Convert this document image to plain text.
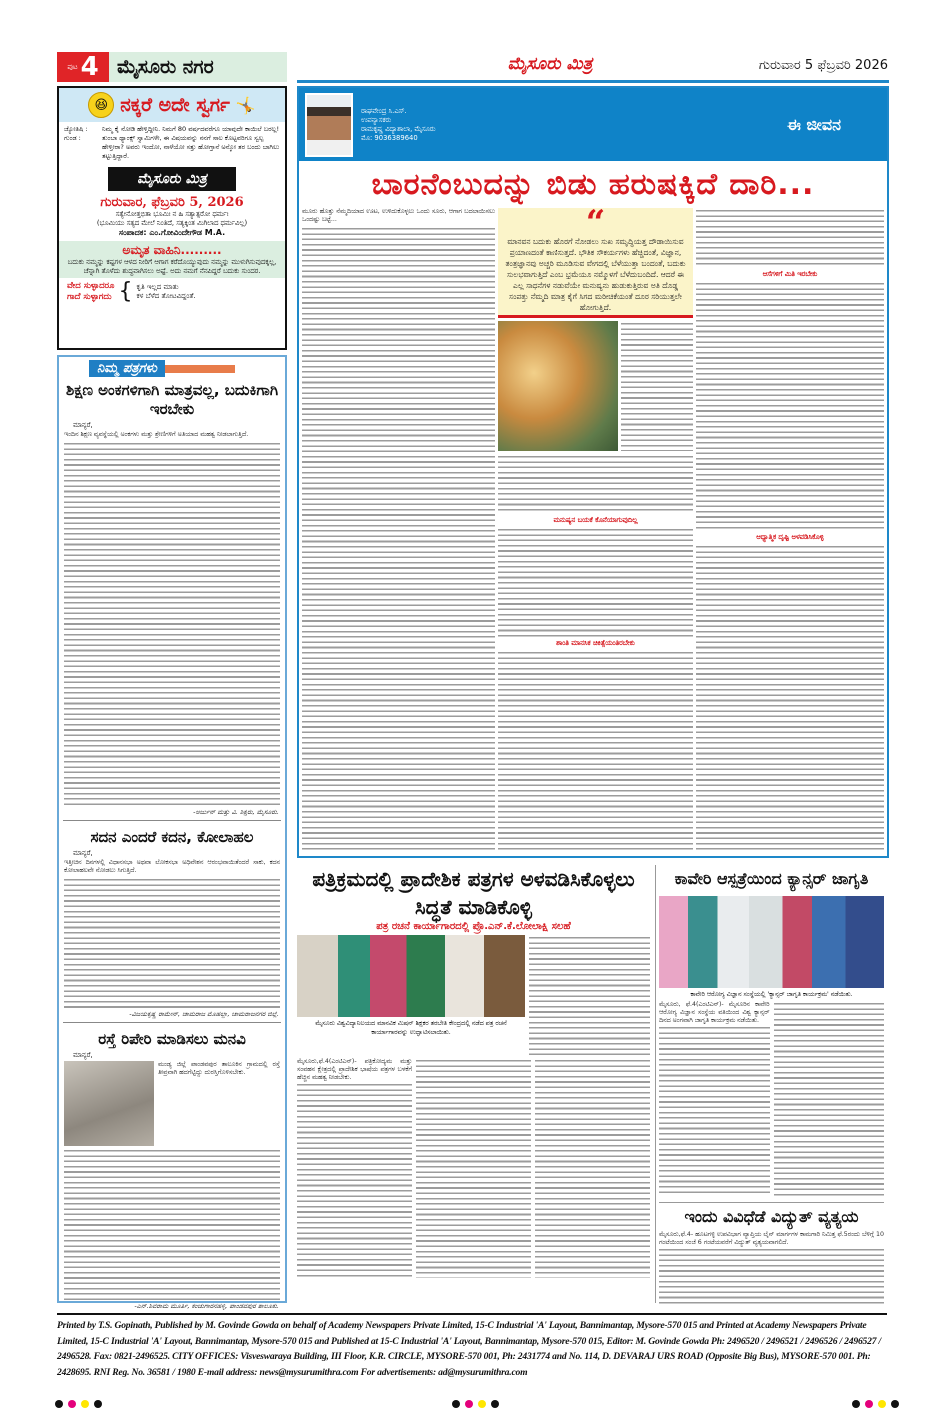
ಪುಟ 4 ಮೈಸೂರು ನಗರ	ಮೈಸೂರು ಮಿತ್ರ	ಗುರುವಾರ 5 ಫೆಬ್ರವರಿ 2026
😆 ನಕ್ಕರೆ ಅದೇ ಸ್ವರ್ಗ 🤸
ಜ್ಯೋತಿಷಿ :	ನಿಮ್ಮ ಕೈ ನೋಡಿ ಹೇಳ್ತಿದ್ದೀನಿ. ನಿಮಗೆ 80 ವರ್ಷದವರೆಗೂ ಯಾವುದೇ ಕಾಯಿಲೆ ಬರಲ್ಲ!
ಗುಂಡ :	ತುಂಬಾ ಥ್ಯಾಂಕ್ಸ್ ಸ್ವಾಮಿಗಳೇ, ಈ ವಿಷಯವನ್ನು ನನಗೆ ಸಾಲ ಕೊಟ್ಟವರಿಗೂ ಸ್ವಲ್ಪ ಹೇಳ್ತೀರಾ? ಅವರು ಇಂದೋ, ನಾಳೆಯೋ ಸತ್ತು ಹೋಗ್ತಾನೆ ಅನ್ಕೋ ತರ ಬಂದು ಬಾಗಿಲು ತಟ್ಟುತ್ತಿದ್ದಾರೆ.
ಮೈಸೂರು ಮಿತ್ರ
ಗುರುವಾರ, ಫೆಬ್ರವರಿ 5, 2026
ಸತ್ಯೇನೋತ್ತಭಿತಾ ಭೂಮಿಃ ನ ಹಿ ಸತ್ಯಾತ್ಪರೋ ಧರ್ಮಃ
(ಭೂಮಿಯು ಸತ್ಯದ ಮೇಲೆ ನಿಂತಿದೆ, ಸತ್ಯಕ್ಕಿಂತ ಮಿಗಿಲಾದ ಧರ್ಮವಿಲ್ಲ)
ಸಂಪಾದಕ: ಎಂ.ಗೋವಿಂದೇಗೌಡ M.A.
ಅಮೃತ ವಾಹಿನಿ.........
ಬದುಕು ನಮ್ಮನ್ನು ಕಷ್ಟಗಳ ಆಳದ ನೀರಿಗೆ ಆಗಾಗ ಕರೆದೊಯ್ಯುವುದು ನಮ್ಮನ್ನು ಮುಳುಗಿಸುವುದಕ್ಕಲ್ಲ, ಚೆನ್ನಾಗಿ ತೊಳೆದು ಶುದ್ಧವಾಗಿಸಲು ಅಷ್ಟೆ. ಅದು ನಮಗೆ ನೆನಪಿದ್ದರೆ ಬದುಕು ಸುಂದರ.
ವೇದ ಸುಳ್ಳಾದರೂ
ಗಾದೆ ಸುಳ್ಳಾಗದು { ಕೃತಿ ಇಲ್ಲದ ಮಾತು
ಕಳ ಬೆಳೆದ ತೋಟವಿದ್ದಂತೆ.
ನಿಮ್ಮ ಪತ್ರಗಳು
ಶಿಕ್ಷಣ ಅಂಕಗಳಿಗಾಗಿ ಮಾತ್ರವಲ್ಲ, ಬದುಕಿಗಾಗಿ ಇರಬೇಕು
ಮಾನ್ಯರೆ,
ಇಂದಿನ ಶಿಕ್ಷಣ ವ್ಯವಸ್ಥೆಯಲ್ಲಿ ಅಂಕಗಳು ಮತ್ತು ಶ್ರೇಣಿಗಳಿಗೆ ಅತಿಯಾದ ಮಹತ್ವ ನೀಡಲಾಗುತ್ತಿದೆ.
-ಅರ್ಜುನ್ ಮತ್ತು ವಿ. ಶಿಕ್ಷರು, ಮೈಸೂರು.
ಸದನ ಎಂದರೆ ಕದನ, ಕೋಲಾಹಲ
ಮಾನ್ಯರೆ,
ಇತ್ತೀಚಿನ ದಿನಗಳಲ್ಲಿ ವಿಧಾನಸಭಾ ಅಥವಾ ಲೋಕಸಭಾ ಅಧಿವೇಶನ ಆರಂಭವಾಯಿತೆಂದರೆ ಸಾಕು, ಕದನ ಕೋಲಾಹಲವೇ ನೋಡಲು ಸಿಗುತ್ತಿದೆ.
-ವಿಜಯಕೃಷ್ಣ ರಾಮೇನ್, ಚಾಮರಾಜ ಮೊಹಲ್ಲಾ, ಚಾಮರಾಜನಗರ ಜಿಲ್ಲೆ.
ರಸ್ತೆ ರಿಪೇರಿ ಮಾಡಿಸಲು ಮನವಿ
ಮಾನ್ಯರೆ,
ಮಂಡ್ಯ ಜಿಲ್ಲೆ ಪಾಂಡವಪುರ ತಾಲೂಕಿನ ಗ್ರಾಮದಲ್ಲಿ ರಸ್ತೆ ತೀವ್ರವಾಗಿ ಹದಗೆಟ್ಟಿದ್ದು ದುರಸ್ತಿಗೊಳಿಸಬೇಕು.
-ಎನ್.ಶಿವರಾಮ ಮೂರ್ತಿ, ಕಂಚುಗಾರನಹಳ್ಳಿ, ಪಾಂಡವಪುರ ತಾಲೂಕು.
ರಾಘವೇಂದ್ರ ಸಿ.ಎಸ್.
ಉಪನ್ಯಾಸಕರು
ರಾಮಕೃಷ್ಣ ವಿದ್ಯಾಶಾಲಾ, ಮೈಸೂರು
ಮೊ: 9036389640
ಈ ಜೀವನ
ಬಾರನೆಂಬುದನ್ನು ಬಿಡು ಹರುಷಕ್ಕಿದೆ ದಾರಿ...
ಮೂರು ಹೊತ್ತು ನೆಮ್ಮದಿಯಾದ ಊಟ, ಉಳಿದುಕೊಳ್ಳಲು ಒಂದು ಸೂರು, ಆಗಾಗ ಬದಲಾಯಿಸಲು ಒಂದಷ್ಟು ಬಟ್ಟೆ...	“
ಮಾನವನ ಬದುಕು ಹೊರಗೆ ನೋಡಲು ಸುಖ ಸಮೃದ್ಧಿಯತ್ತ ದೌಡಾಯಿಸುವ ಪ್ರಯಾಣದಂತೆ ಕಾಣಿಸುತ್ತದೆ. ಭೌತಿಕ ಸೌಕರ್ಯಗಳು ಹೆಚ್ಚಿದಂತೆ, ವಿಜ್ಞಾನ, ತಂತ್ರಜ್ಞಾನವು ಅಚ್ಚರಿ ಮೂಡಿಸುವ ವೇಗದಲ್ಲಿ ಬೆಳೆಯುತ್ತಾ ಬಂದಂತೆ, ಬದುಕು ಸುಲಭವಾಗುತ್ತಿದೆ ಎಂಬ ಭ್ರಮೆಯೂ ನಮ್ಮೊಳಗೆ ಬೆಳೆದುಬಂದಿದೆ. ಆದರೆ ಈ ಎಲ್ಲ ಸಾಧನೆಗಳ ನಡುವೆಯೇ ಮನುಷ್ಯನು ಹುಡುಕುತ್ತಿರುವ ಅತಿ ದೊಡ್ಡ ಸಂಪತ್ತು ನೆಮ್ಮದಿ ಮಾತ್ರ ಕೈಗೆ ಸಿಗದ ಮರೀಚಿಕೆಯಂತೆ ದೂರ ಸರಿಯುತ್ತಲೇ ಹೋಗುತ್ತಿದೆ.
ಮನುಷ್ಯನ ಬಯಕೆ ಕೊನೆಯಾಗುವುದಿಲ್ಲ
ಶಾಂತಿ ಮಾನಸಿಕ ಚಿಕಿತ್ಸೆಯಂತಿರಬೇಕು
ಆಸೆಗಳಿಗೆ ಮಿತಿ ಇರಬೇಕು
ಆಧ್ಯಾತ್ಮಿಕ ದೃಷ್ಟಿ ಅಳವಡಿಸಿಕೊಳ್ಳಿ
ಪತ್ರಿಕ್ರಮದಲ್ಲಿ ಪ್ರಾದೇಶಿಕ ಪತ್ರಗಳ ಅಳವಡಿಸಿಕೊಳ್ಳಲು ಸಿದ್ಧತೆ ಮಾಡಿಕೊಳ್ಳಿ
ಪತ್ರ ರಚನೆ ಕಾರ್ಯಾಗಾರದಲ್ಲಿ ಪ್ರೊ.ಎನ್.ಕೆ.ಲೋಲಾಕ್ಷಿ ಸಲಹೆ
ಮೈಸೂರು ವಿಶ್ವವಿದ್ಯಾನಿಲಯದ ಮಾನವಿಕ ಮಿಷನ್ ಶಿಕ್ಷಕರ ತರಬೇತಿ ಕೇಂದ್ರದಲ್ಲಿ ನಡೆದ ಪತ್ರ ರಚನೆ ಕಾರ್ಯಾಗಾರವನ್ನು ಉದ್ಘಾಟಿಸಲಾಯಿತು.
ಮೈಸೂರು,ಫೆ.4(ಎಂಟಿಎನ್)- ಪತ್ರಿಕೋದ್ಯಮ ಮತ್ತು ಸಂವಹನ ಕ್ಷೇತ್ರದಲ್ಲಿ ಪ್ರಾದೇಶಿಕ ಭಾಷೆಯ ಪತ್ರಗಳ ಬಳಕೆಗೆ ಹೆಚ್ಚಿನ ಮಹತ್ವ ನೀಡಬೇಕು.
ಕಾವೇರಿ ಆಸ್ಪತ್ರೆಯಿಂದ ಕ್ಯಾನ್ಸರ್ ಜಾಗೃತಿ
ಕಾವೇರಿ ಆರೋಗ್ಯ ವಿಜ್ಞಾನ ಸಂಸ್ಥೆಯಲ್ಲಿ 'ಕ್ಯಾನ್ಸರ್ ಜಾಗೃತಿ ಕಾರ್ಯಕ್ರಮ' ನಡೆಯಿತು.
ಮೈಸೂರು, ಫೆ.4(ಎಂಟಿಎನ್)- ಮೈಸೂರಿನ ಕಾವೇರಿ ಆರೋಗ್ಯ ವಿಜ್ಞಾನ ಸಂಸ್ಥೆಯ ವತಿಯಿಂದ ವಿಶ್ವ ಕ್ಯಾನ್ಸರ್ ದಿನದ ಅಂಗವಾಗಿ ಜಾಗೃತಿ ಕಾರ್ಯಕ್ರಮ ನಡೆಯಿತು.
ಇಂದು ವಿವಿಧೆಡೆ ವಿದ್ಯುತ್ ವ್ಯತ್ಯಯ
ಮೈಸೂರು,ಫೆ.4- ಹೂಟಗಳ್ಳಿ ಉಪವಿಭಾಗ ವ್ಯಾಪ್ತಿಯ ಲೈನ್ ಮಾರ್ಗಗಳ ಕಾಮಗಾರಿ ನಿಮಿತ್ತ ಫೆ.5ರಂದು ಬೆಳಿಗ್ಗೆ 10 ಗಂಟೆಯಿಂದ ಸಂಜೆ 6 ಗಂಟೆಯವರೆಗೆ ವಿದ್ಯುತ್ ವ್ಯತ್ಯಯವಾಗಲಿದೆ.
Printed by T.S. Gopinath, Published by M. Govinde Gowda on behalf of Academy Newspapers Private Limited, 15-C Industrial 'A' Layout, Bannimantap, Mysore-570 015 and Printed at Academy Newspapers Private Limited, 15-C Industrial 'A' Layout, Bannimantap, Mysore-570 015 and Published at 15-C Industrial 'A' Layout, Bannimantap, Mysore-570 015, Editor: M. Govinde Gowda Ph: 2496520 / 2496521 / 2496526 / 2496527 / 2496528. Fax: 0821-2496525. CITY OFFICES: Visveswaraya Building, III Floor, K.R. CIRCLE, MYSORE-570 001, Ph: 2431774 and No. 114, D. DEVARAJ URS ROAD (Opposite Big Bus), MYSORE-570 001. Ph: 2428695. RNI Reg. No. 36581 / 1980 E-mail address: news@mysurumithra.com For advertisements: ad@mysurumithra.com
